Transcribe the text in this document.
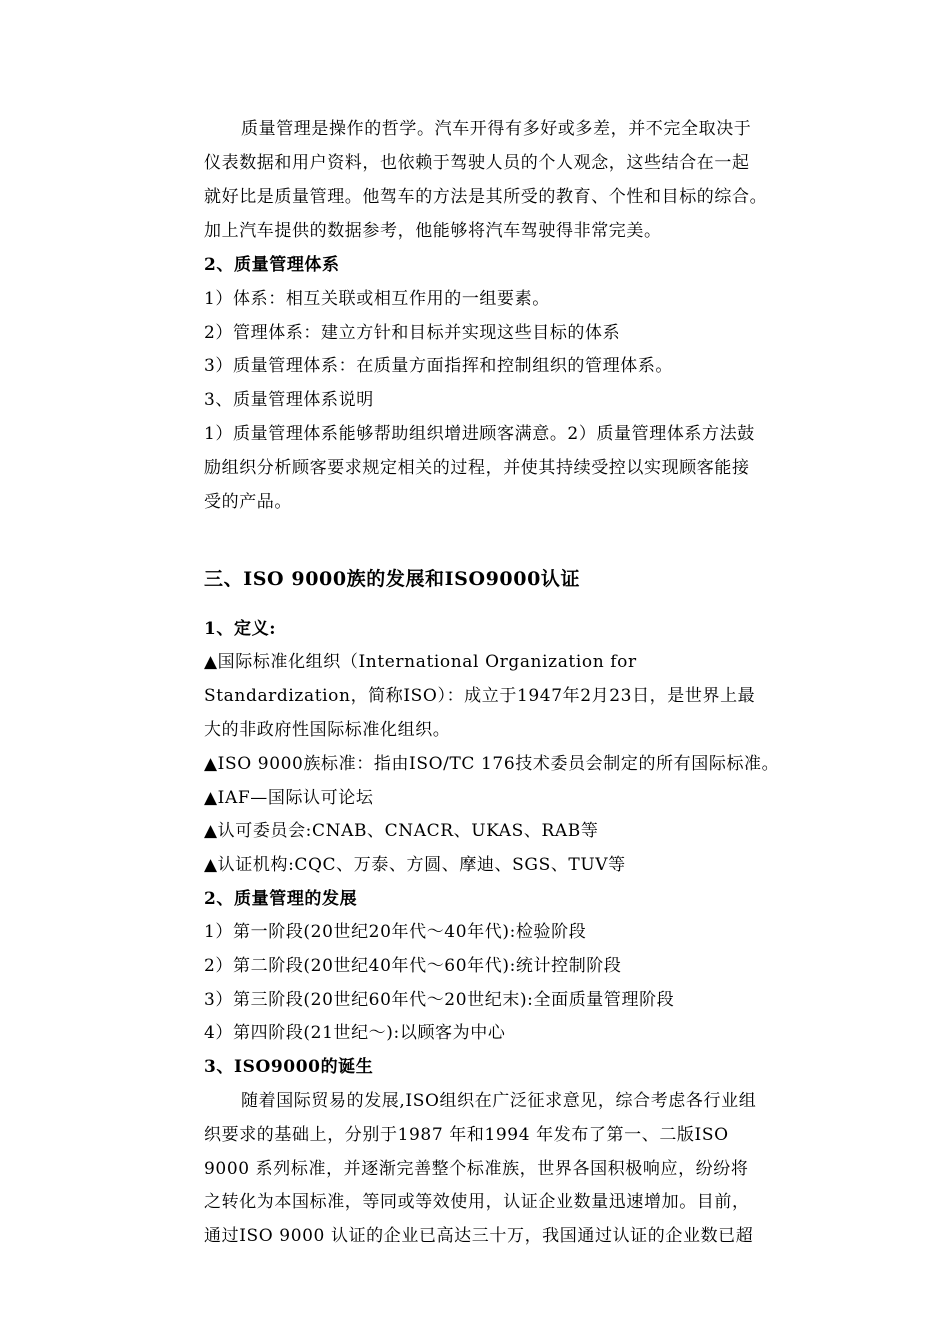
质量管理是操作的哲学。汽车开得有多好或多差，并不完全取决于
仪表数据和用户资料，也依赖于驾驶人员的个人观念，这些结合在一起
就好比是质量管理。他驾车的方法是其所受的教育、个性和目标的综合。
加上汽车提供的数据参考，他能够将汽车驾驶得非常完美。
2、质量管理体系
1）体系：相互关联或相互作用的一组要素。
2）管理体系：建立方针和目标并实现这些目标的体系
3）质量管理体系：在质量方面指挥和控制组织的管理体系。
3、质量管理体系说明
1）质量管理体系能够帮助组织增进顾客满意。2）质量管理体系方法鼓
励组织分析顾客要求规定相关的过程，并使其持续受控以实现顾客能接
受的产品。
三、ISO 9000族的发展和ISO9000认证
1、定义:
▲国际标准化组织（International Organization for
Standardization，简称ISO）：成立于1947年2月23日，是世界上最
大的非政府性国际标准化组织。
▲ISO 9000族标准：指由ISO/TC 176技术委员会制定的所有国际标准。
▲IAF—国际认可论坛
▲认可委员会:CNAB、CNACR、UKAS、RAB等
▲认证机构:CQC、万泰、方圆、摩迪、SGS、TUV等
2、质量管理的发展
1）第一阶段(20世纪20年代～40年代):检验阶段
2）第二阶段(20世纪40年代～60年代):统计控制阶段
3）第三阶段(20世纪60年代～20世纪末):全面质量管理阶段
4）第四阶段(21世纪～):以顾客为中心
3、ISO9000的诞生
随着国际贸易的发展,ISO组织在广泛征求意见，综合考虑各行业组
织要求的基础上，分别于1987 年和1994 年发布了第一、二版ISO
9000 系列标准，并逐渐完善整个标准族，世界各国积极响应，纷纷将
之转化为本国标准，等同或等效使用，认证企业数量迅速增加。目前，
通过ISO 9000 认证的企业已高达三十万，我国通过认证的企业数已超
